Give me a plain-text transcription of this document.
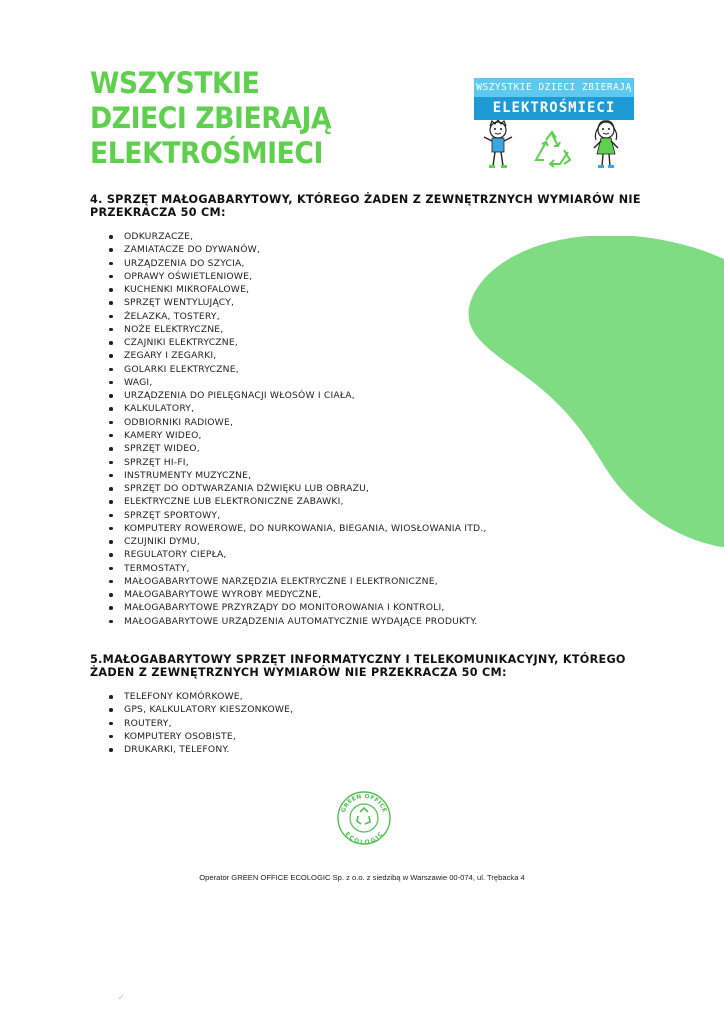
WSZYSTKIE
DZIECI ZBIERAJĄ
ELEKTROŚMIECI
WSZYSTKIE DZIECI ZBIERAJĄ
ELEKTROŚMIECI
4. SPRZĘT MAŁOGABARYTOWY, KTÓREGO ŻADEN Z ZEWNĘTRZNYCH WYMIARÓW NIE PRZEKRACZA 50 CM:
ODKURZACZE,
ZAMIATACZE DO DYWANÓW,
URZĄDZENIA DO SZYCIA,
OPRAWY OŚWIETLENIOWE,
KUCHENKI MIKROFALOWE,
SPRZĘT WENTYLUJĄCY,
ŻELAZKA, TOSTERY,
NOŻE ELEKTRYCZNE,
CZAJNIKI ELEKTRYCZNE,
ZEGARY I ZEGARKI,
GOLARKI ELEKTRYCZNE,
WAGI,
URZĄDZENIA DO PIELĘGNACJI WŁOSÓW I CIAŁA,
KALKULATORY,
ODBIORNIKI RADIOWE,
KAMERY WIDEO,
SPRZĘT WIDEO,
SPRZĘT HI-FI,
INSTRUMENTY MUZYCZNE,
SPRZĘT DO ODTWARZANIA DŹWIĘKU LUB OBRAZU,
ELEKTRYCZNE LUB ELEKTRONICZNE ZABAWKI,
SPRZĘT SPORTOWY,
KOMPUTERY ROWEROWE, DO NURKOWANIA, BIEGANIA, WIOSŁOWANIA ITD.,
CZUJNIKI DYMU,
REGULATORY CIEPŁA,
TERMOSTATY,
MAŁOGABARYTOWE NARZĘDZIA ELEKTRYCZNE I ELEKTRONICZNE,
MAŁOGABARYTOWE WYROBY MEDYCZNE,
MAŁOGABARYTOWE PRZYRZĄDY DO MONITOROWANIA I KONTROLI,
MAŁOGABARYTOWE URZĄDZENIA AUTOMATYCZNIE WYDAJĄCE PRODUKTY.
5.MAŁOGABARYTOWY SPRZĘT INFORMATYCZNY I TELEKOMUNIKACYJNY, KTÓREGO ŻADEN Z ZEWNĘTRZNYCH WYMIARÓW NIE PRZEKRACZA 50 CM:
TELEFONY KOMÓRKOWE,
GPS, KALKULATORY KIESZONKOWE,
ROUTERY,
KOMPUTERY OSOBISTE,
DRUKARKI, TELEFONY.
GREEN OFFICE
ECOLOGIC

Operator GREEN OFFICE ECOLOGIC Sp. z o.o. z siedzibą w Warszawie 00-074, ul. Trębacka 4
